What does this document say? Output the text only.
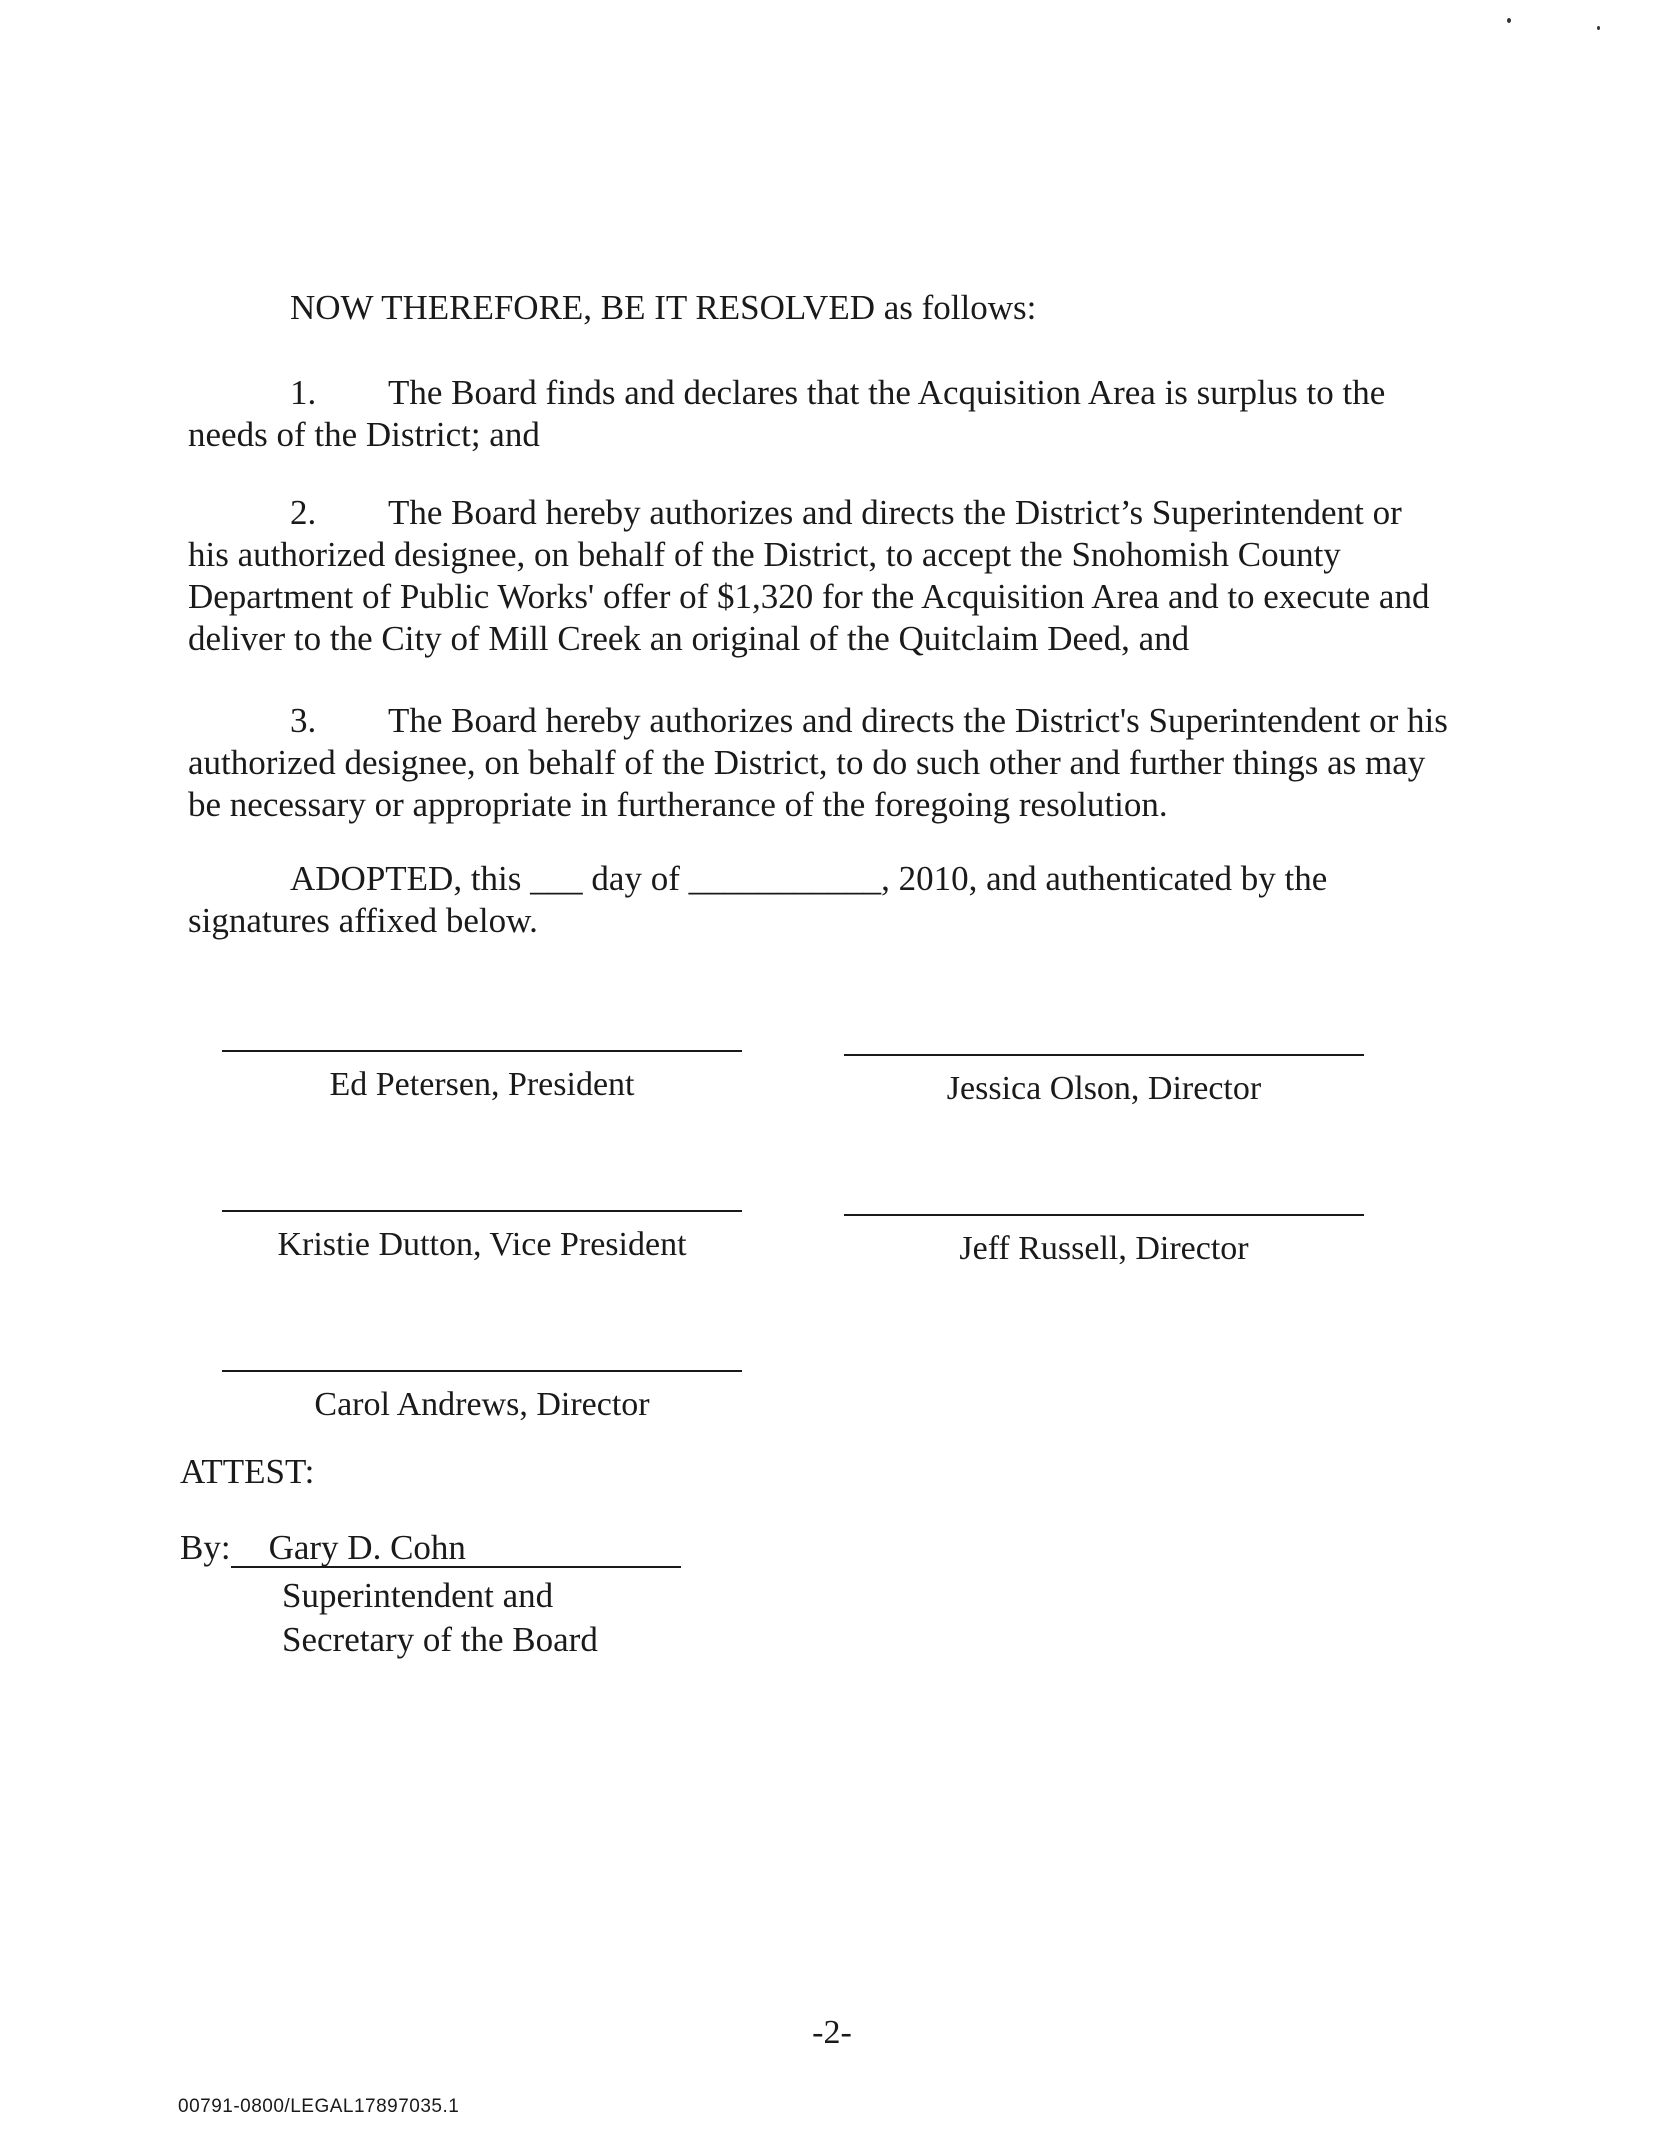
NOW THEREFORE, BE IT RESOLVED as follows:
1. The Board finds and declares that the Acquisition Area is surplus to the needs of the District; and
2. The Board hereby authorizes and directs the District’s Superintendent or his authorized designee, on behalf of the District, to accept the Snohomish County Department of Public Works' offer of $1,320 for the Acquisition Area and to execute and deliver to the City of Mill Creek an original of the Quitclaim Deed, and
3. The Board hereby authorizes and directs the District's Superintendent or his authorized designee, on behalf of the District, to do such other and further things as may be necessary or appropriate in furtherance of the foregoing resolution.
ADOPTED, this ___ day of ___________, 2010, and authenticated by the signatures affixed below.
Ed Petersen, President	Jessica Olson, Director
Kristie Dutton, Vice President	Jeff Russell, Director
Carol Andrews, Director
ATTEST:
By: Gary D. Cohn
Superintendent and
Secretary of the Board
-2-
00791-0800/LEGAL17897035.1
